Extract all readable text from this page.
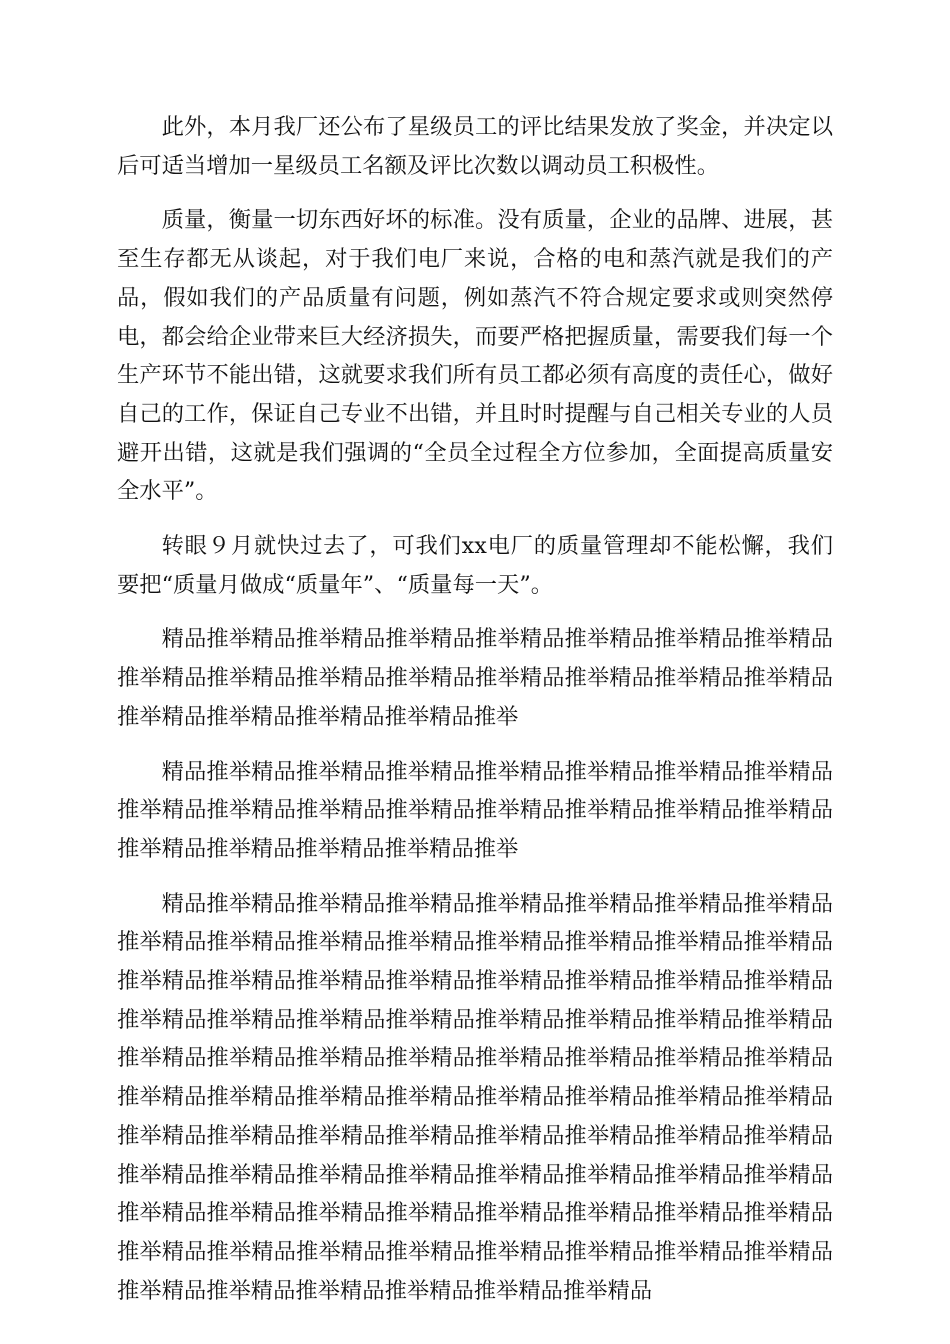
此外，本月我厂还公布了星级员工的评比结果发放了奖金，并决定以后可适当增加一星级员工名额及评比次数以调动员工积极性。

质量，衡量一切东西好坏的标准。没有质量，企业的品牌、进展，甚至生存都无从谈起，对于我们电厂来说，合格的电和蒸汽就是我们的产品，假如我们的产品质量有问题，例如蒸汽不符合规定要求或则突然停电，都会给企业带来巨大经济损失，而要严格把握质量，需要我们每一个生产环节不能出错，这就要求我们所有员工都必须有高度的责任心，做好自己的工作，保证自己专业不出错，并且时时提醒与自己相关专业的人员避开出错，这就是我们强调的“全员全过程全方位参加，全面提高质量安全水平”。

转眼９月就快过去了，可我们xx电厂的质量管理却不能松懈，我们要把“质量月做成“质量年”、“质量每一天”。

精品推举精品推举精品推举精品推举精品推举精品推举精品推举精品推举精品推举精品推举精品推举精品推举精品推举精品推举精品推举精品推举精品推举精品推举精品推举精品推举

精品推举精品推举精品推举精品推举精品推举精品推举精品推举精品推举精品推举精品推举精品推举精品推举精品推举精品推举精品推举精品推举精品推举精品推举精品推举精品推举

精品推举精品推举精品推举精品推举精品推举精品推举精品推举精品推举精品推举精品推举精品推举精品推举精品推举精品推举精品推举精品推举精品推举精品推举精品推举精品推举精品推举精品推举精品推举精品推举精品推举精品推举精品推举精品推举精品推举精品推举精品推举精品推举精品推举精品推举精品推举精品推举精品推举精品推举精品推举精品推举精品推举精品推举精品推举精品推举精品推举精品推举精品推举精品推举精品推举精品推举精品推举精品推举精品推举精品推举精品推举精品推举精品推举精品推举精品推举精品推举精品推举精品推举精品推举精品推举精品推举精品推举精品推举精品推举精品推举精品推举精品推举精品推举精品推举精品推举精品推举精品推举精品推举精品推举精品推举精品推举精品推举精品推举精品推举精品推举精品推举精品
